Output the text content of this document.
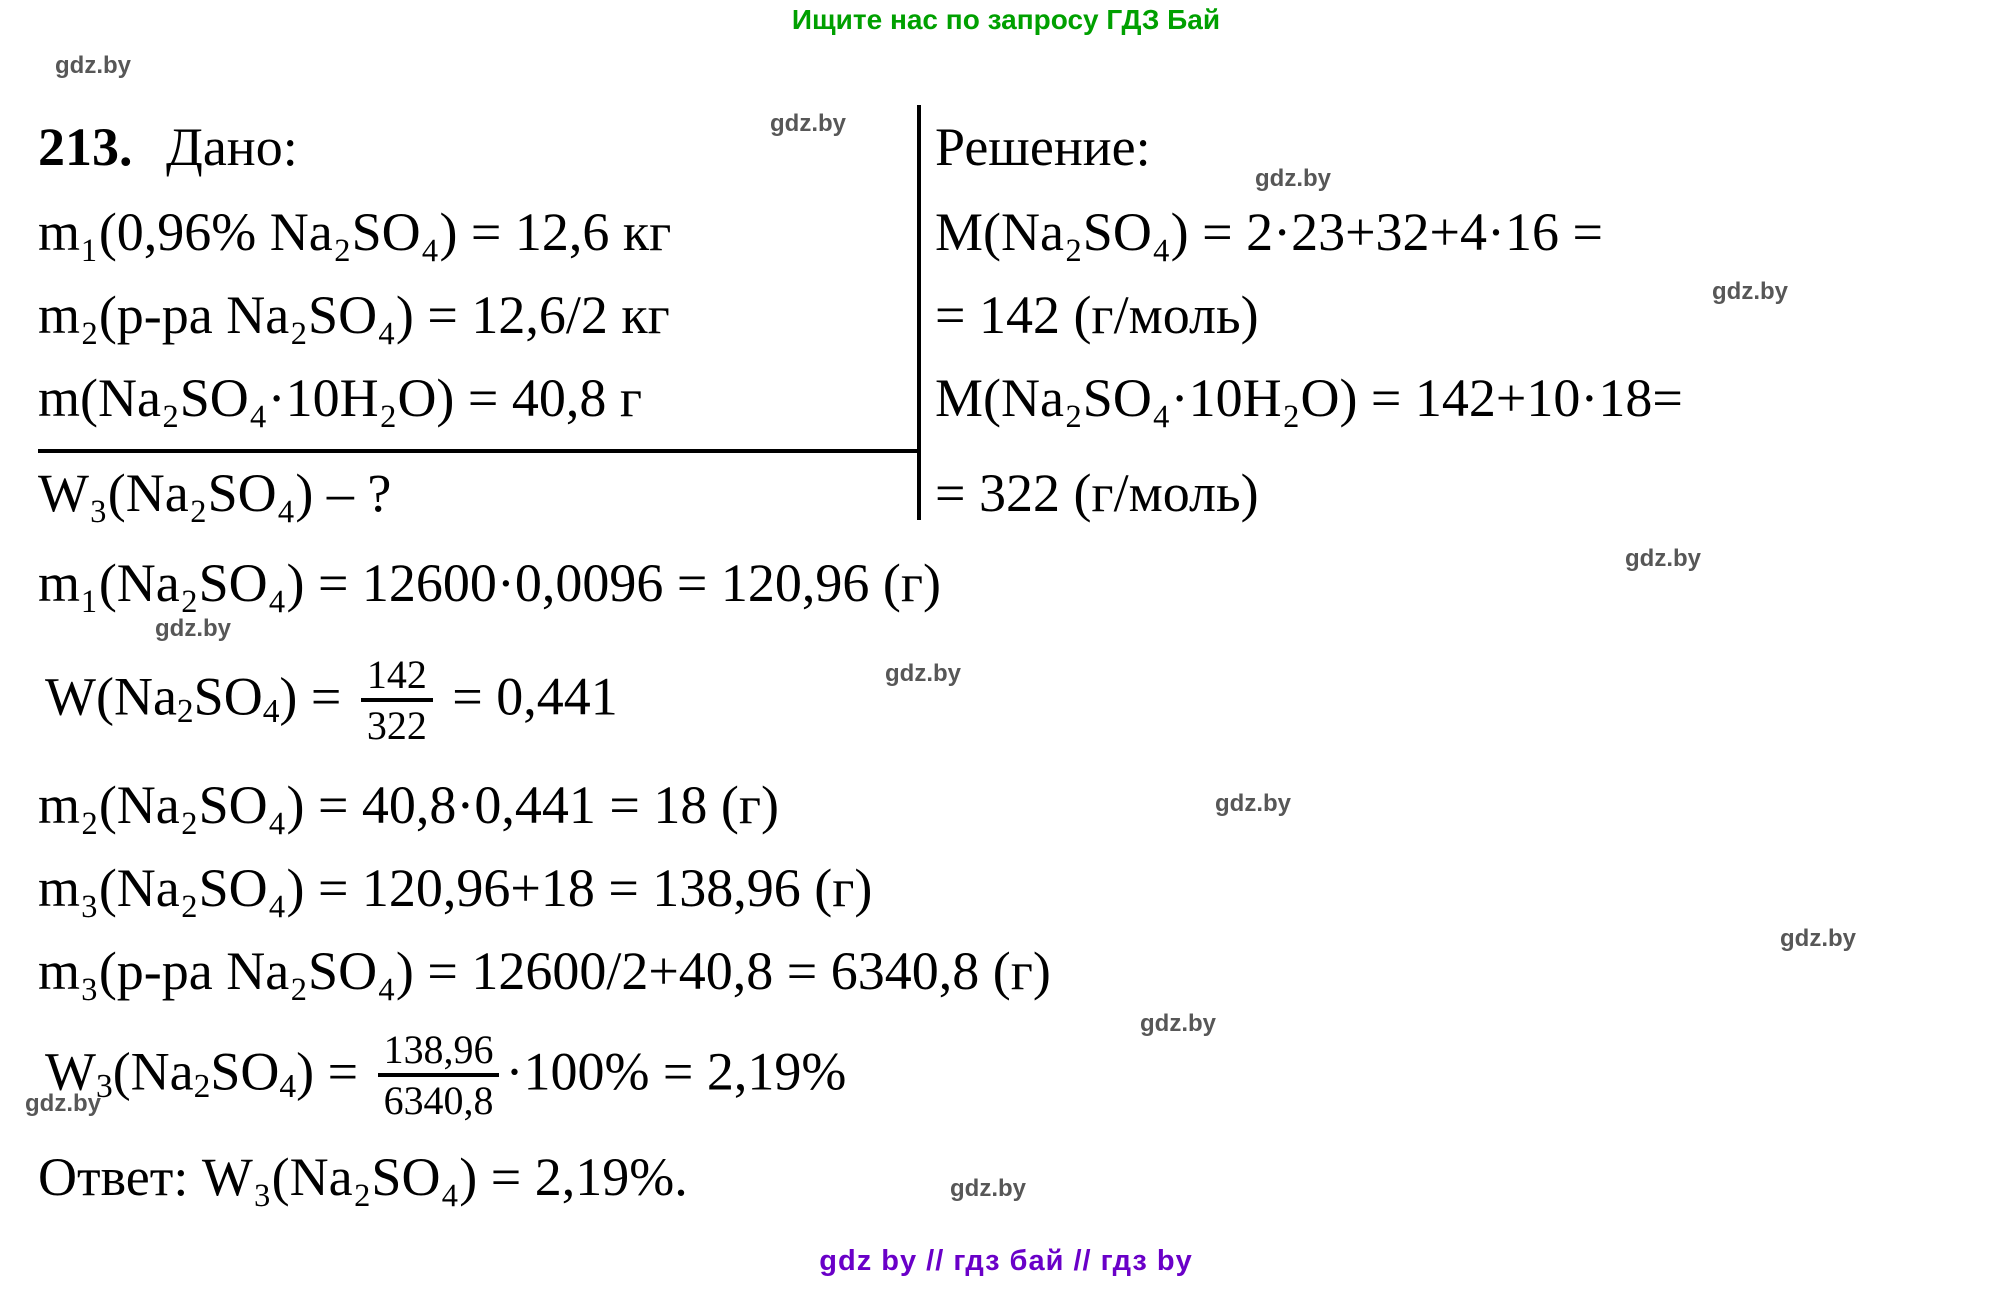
Ищите нас по запросу ГДЗ Бай
213. Дано:	Решение:
m₁(0,96% Na₂SO₄) = 12,6 кг
m₂(р-ра Na₂SO₄) = 12,6/2 кг
m(Na₂SO₄·10H₂O) = 40,8 г
W₃(Na₂SO₄) – ?
M(Na₂SO₄) = 2·23+32+4·16 =
= 142 (г/моль)
M(Na₂SO₄·10H₂O) = 142+10·18=
= 322 (г/моль)
m₁(Na₂SO₄) = 12600·0,0096 = 120,96 (г)
$W(Na_2SO_4) = \frac{142}{322} = 0,441$
m₂(Na₂SO₄) = 40,8·0,441 = 18 (г)
m₃(Na₂SO₄) = 120,96+18 = 138,96 (г)
m₃(р-ра Na₂SO₄) = 12600/2+40,8 = 6340,8 (г)
$W_3(Na_2SO_4) = \frac{138,96}{6340,8} \cdot 100\% = 2,19\%$
Ответ: W₃(Na₂SO₄) = 2,19%.
gdz.by
gdz.by
gdz.by
gdz.by
gdz.by
gdz.by
gdz.by
gdz.by
gdz.by
gdz.by
gdz.by
gdz.by
gdz by // гдз бай // гдз by
